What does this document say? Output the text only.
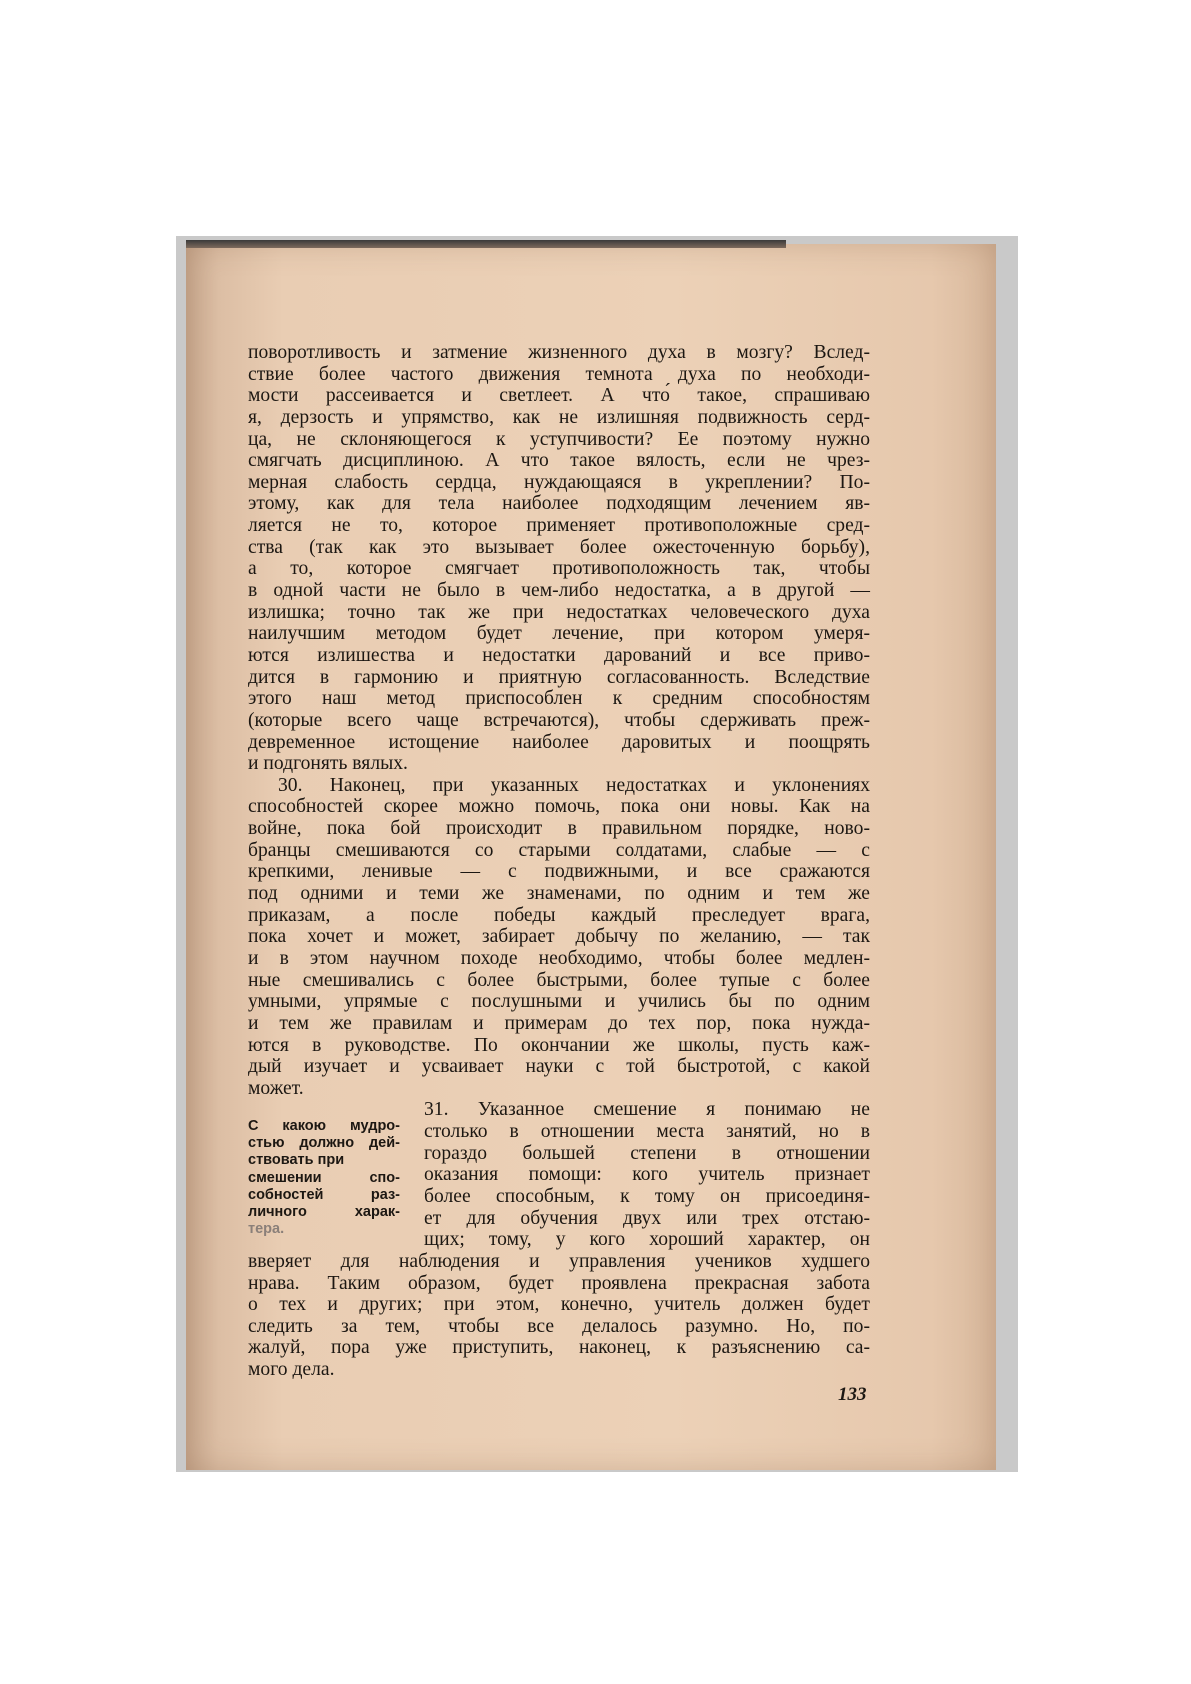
поворотливость и затмение жизненного духа в мозгу? Вслед-
ствие более частого движения темнота духа по необходи-
мости рассеивается и светлеет. А что́ такое, спрашиваю
я, дерзость и упрямство, как не излишняя подвижность серд-
ца, не склоняющегося к уступчивости? Ее поэтому нужно
смягчать дисциплиною. А что такое вялость, если не чрез-
мерная слабость сердца, нуждающаяся в укреплении? По-
этому, как для тела наиболее подходящим лечением яв-
ляется не то, которое применяет противоположные сред-
ства (так как это вызывает более ожесточенную борьбу),
а то, которое смягчает противоположность так, чтобы
в одной части не было в чем-либо недостатка, а в другой —
излишка; точно так же при недостатках человеческого духа
наилучшим методом будет лечение, при котором умеря-
ются излишества и недостатки дарований и все приво-
дится в гармонию и приятную согласованность. Вследствие
этого наш метод приспособлен к средним способностям
(которые всего чаще встречаются), чтобы сдерживать преж-
девременное истощение наиболее даровитых и поощрять
и подгонять вялых.
30. Наконец, при указанных недостатках и уклонениях
способностей скорее можно помочь, пока они новы. Как на
войне, пока бой происходит в правильном порядке, ново-
бранцы смешиваются со старыми солдатами, слабые — с
крепкими, ленивые — с подвижными, и все сражаются
под одними и теми же знаменами, по одним и тем же
приказам, а после победы каждый преследует врага,
пока хочет и может, забирает добычу по желанию, — так
и в этом научном походе необходимо, чтобы более медлен-
ные смешивались с более быстрыми, более тупые с более
умными, упрямые с послушными и учились бы по одним
и тем же правилам и примерам до тех пор, пока нужда-
ются в руководстве. По окончании же школы, пусть каж-
дый изучает и усваивает науки с той быстротой, с какой
может.
31. Указанное смешение я понимаю не
столько в отношении места занятий, но в
гораздо большей степени в отношении
оказания помощи: кого учитель признает
более способным, к тому он присоединя-
ет для обучения двух или трех отстаю-
щих; тому, у кого хороший характер, он
вверяет для наблюдения и управления учеников худшего
нрава. Таким образом, будет проявлена прекрасная забота
о тех и других; при этом, конечно, учитель должен будет
следить за тем, чтобы все делалось разумно. Но, по-
жалуй, пора уже приступить, наконец, к разъяснению са-
мого дела.
С какою мудро-
стью должно дей-
ствовать при
смешении спо-
собностей раз-
личного харак-
тера.
133
